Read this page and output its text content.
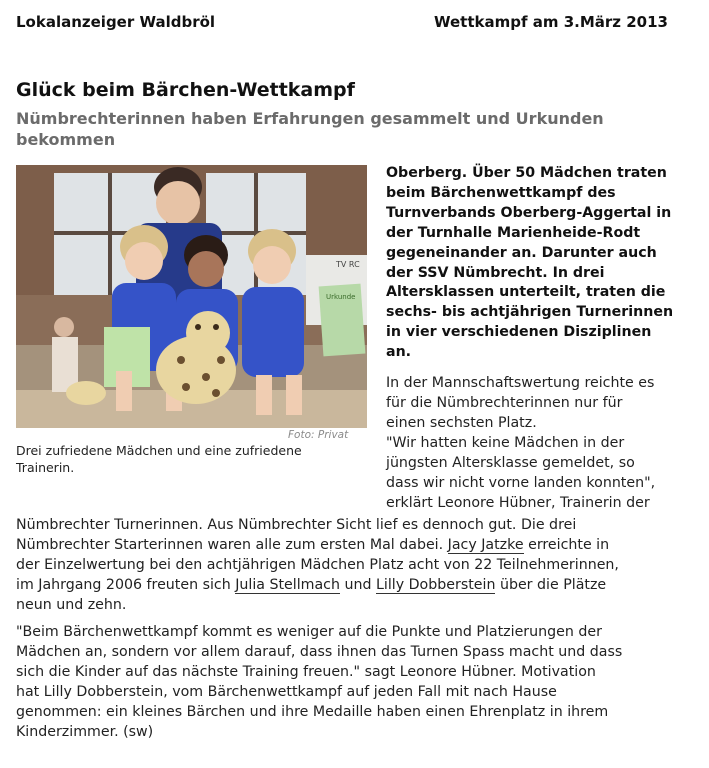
Lokalanzeiger Waldbröl	Wettkampf am 3.März 2013
Glück beim Bärchen-Wettkampf
Nümbrechterinnen haben Erfahrungen gesammelt und Urkunden
bekommen
TV RC
Urkunde
Foto: Privat
Drei zufriedene Mädchen und eine zufriedene
Trainerin.
Oberberg. Über 50 Mädchen traten
beim Bärchenwettkampf des
Turnverbands Oberberg-Aggertal in
der Turnhalle Marienheide-Rodt
gegeneinander an. Darunter auch
der SSV Nümbrecht. In drei
Altersklassen unterteilt, traten die
sechs- bis achtjährigen Turnerinnen
in vier verschiedenen Disziplinen
an.
In der Mannschaftswertung reichte es
für die Nümbrechterinnen nur für
einen sechsten Platz.
"Wir hatten keine Mädchen in der
jüngsten Altersklasse gemeldet, so
dass wir nicht vorne landen konnten",
erklärt Leonore Hübner, Trainerin der
Nümbrechter Turnerinnen. Aus Nümbrechter Sicht lief es dennoch gut. Die drei
Nümbrechter Starterinnen waren alle zum ersten Mal dabei. Jacy Jatzke erreichte in
der Einzelwertung bei den achtjährigen Mädchen Platz acht von 22 Teilnehmerinnen,
im Jahrgang 2006 freuten sich Julia Stellmach und Lilly Dobberstein über die Plätze
neun und zehn.
"Beim Bärchenwettkampf kommt es weniger auf die Punkte und Platzierungen der
Mädchen an, sondern vor allem darauf, dass ihnen das Turnen Spass macht und dass
sich die Kinder auf das nächste Training freuen." sagt Leonore Hübner. Motivation
hat Lilly Dobberstein, vom Bärchenwettkampf auf jeden Fall mit nach Hause
genommen: ein kleines Bärchen und ihre Medaille haben einen Ehrenplatz in ihrem
Kinderzimmer. (sw)
